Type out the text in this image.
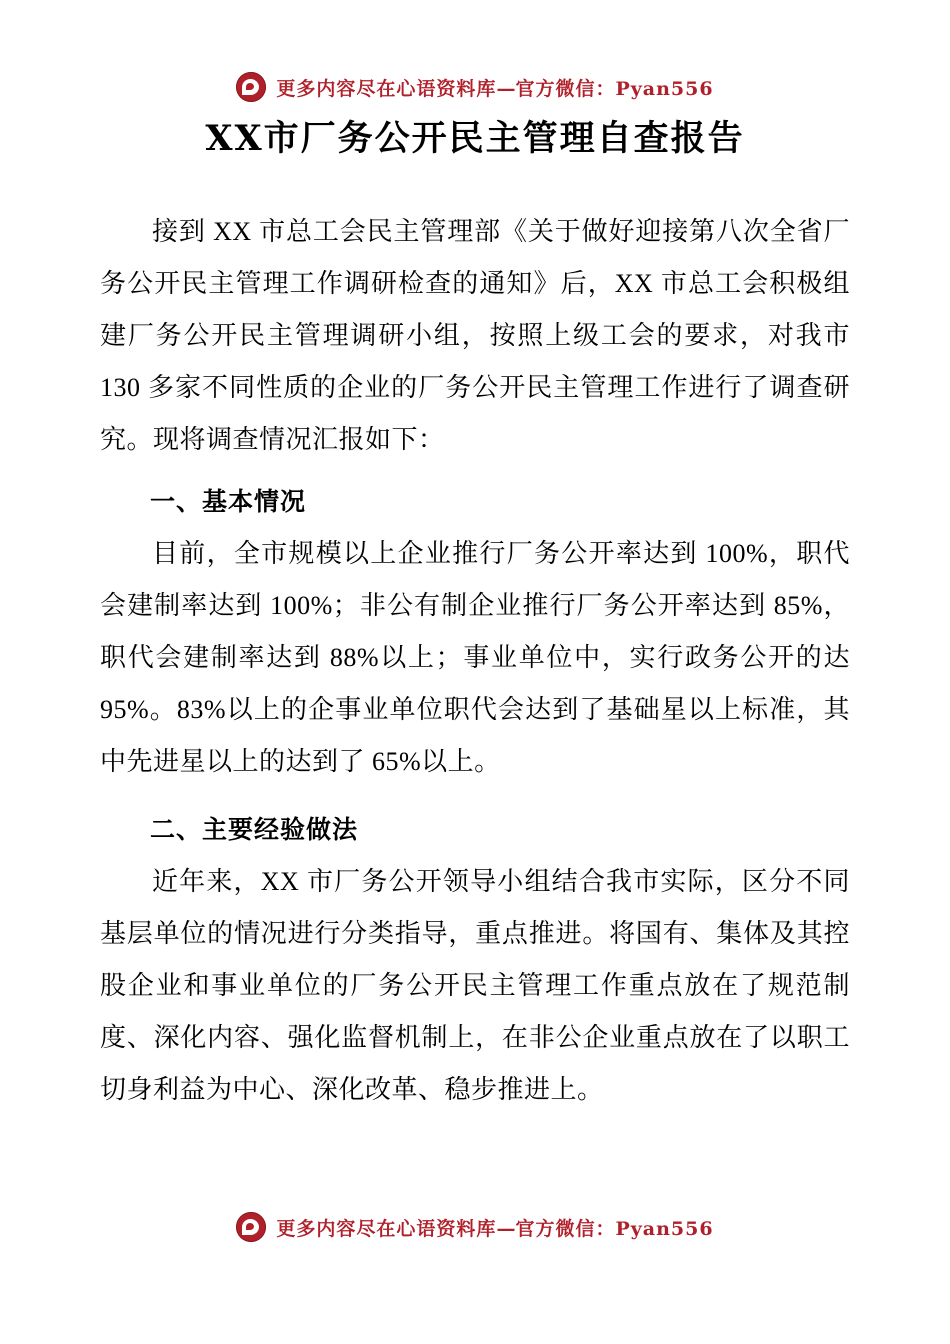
更多内容尽在心语资料库—官方微信：Pyan556
XX市厂务公开民主管理自查报告

接到 XX 市总工会民主管理部《关于做好迎接第八次全省厂务公开民主管理工作调研检查的通知》后，XX 市总工会积极组建厂务公开民主管理调研小组，按照上级工会的要求，对我市 130 多家不同性质的企业的厂务公开民主管理工作进行了调查研究。现将调查情况汇报如下：

一、基本情况

目前，全市规模以上企业推行厂务公开率达到 100%，职代会建制率达到 100%；非公有制企业推行厂务公开率达到 85%，职代会建制率达到 88%以上；事业单位中，实行政务公开的达 95%。83%以上的企事业单位职代会达到了基础星以上标准，其中先进星以上的达到了 65%以上。

二、主要经验做法

近年来，XX 市厂务公开领导小组结合我市实际，区分不同基层单位的情况进行分类指导，重点推进。将国有、集体及其控股企业和事业单位的厂务公开民主管理工作重点放在了规范制度、深化内容、强化监督机制上，在非公企业重点放在了以职工切身利益为中心、深化改革、稳步推进上。

更多内容尽在心语资料库—官方微信：Pyan556
